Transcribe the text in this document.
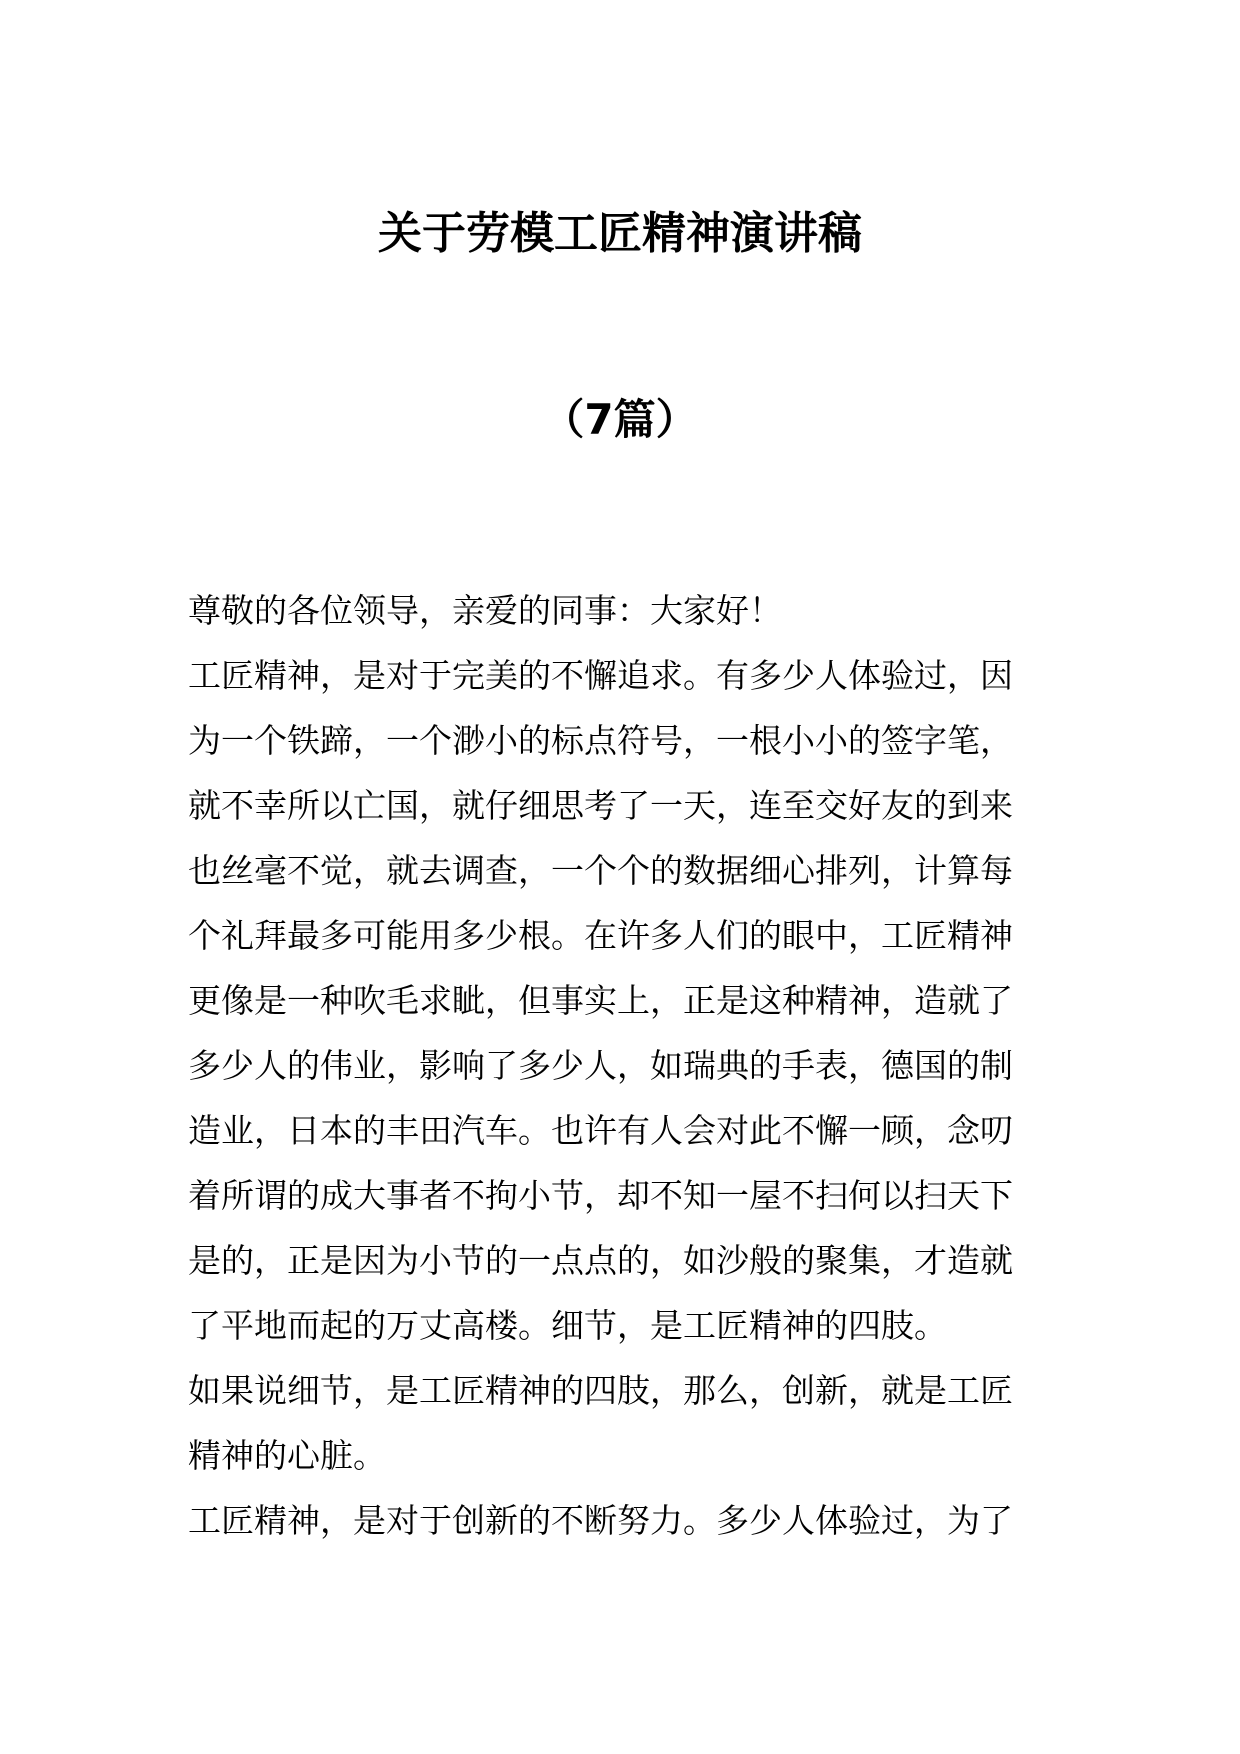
关于劳模工匠精神演讲稿
（7篇）
尊敬的各位领导，亲爱的同事：大家好！
工匠精神，是对于完美的不懈追求。有多少人体验过，因
为一个铁蹄，一个渺小的标点符号，一根小小的签字笔，
就不幸所以亡国，就仔细思考了一天，连至交好友的到来
也丝毫不觉，就去调查，一个个的数据细心排列，计算每
个礼拜最多可能用多少根。在许多人们的眼中，工匠精神
更像是一种吹毛求眦，但事实上，正是这种精神，造就了
多少人的伟业，影响了多少人，如瑞典的手表，德国的制
造业，日本的丰田汽车。也许有人会对此不懈一顾，念叨
着所谓的成大事者不拘小节，却不知一屋不扫何以扫天下
是的，正是因为小节的一点点的，如沙般的聚集，才造就
了平地而起的万丈高楼。细节，是工匠精神的四肢。
如果说细节，是工匠精神的四肢，那么，创新，就是工匠
精神的心脏。
工匠精神，是对于创新的不断努力。多少人体验过，为了
